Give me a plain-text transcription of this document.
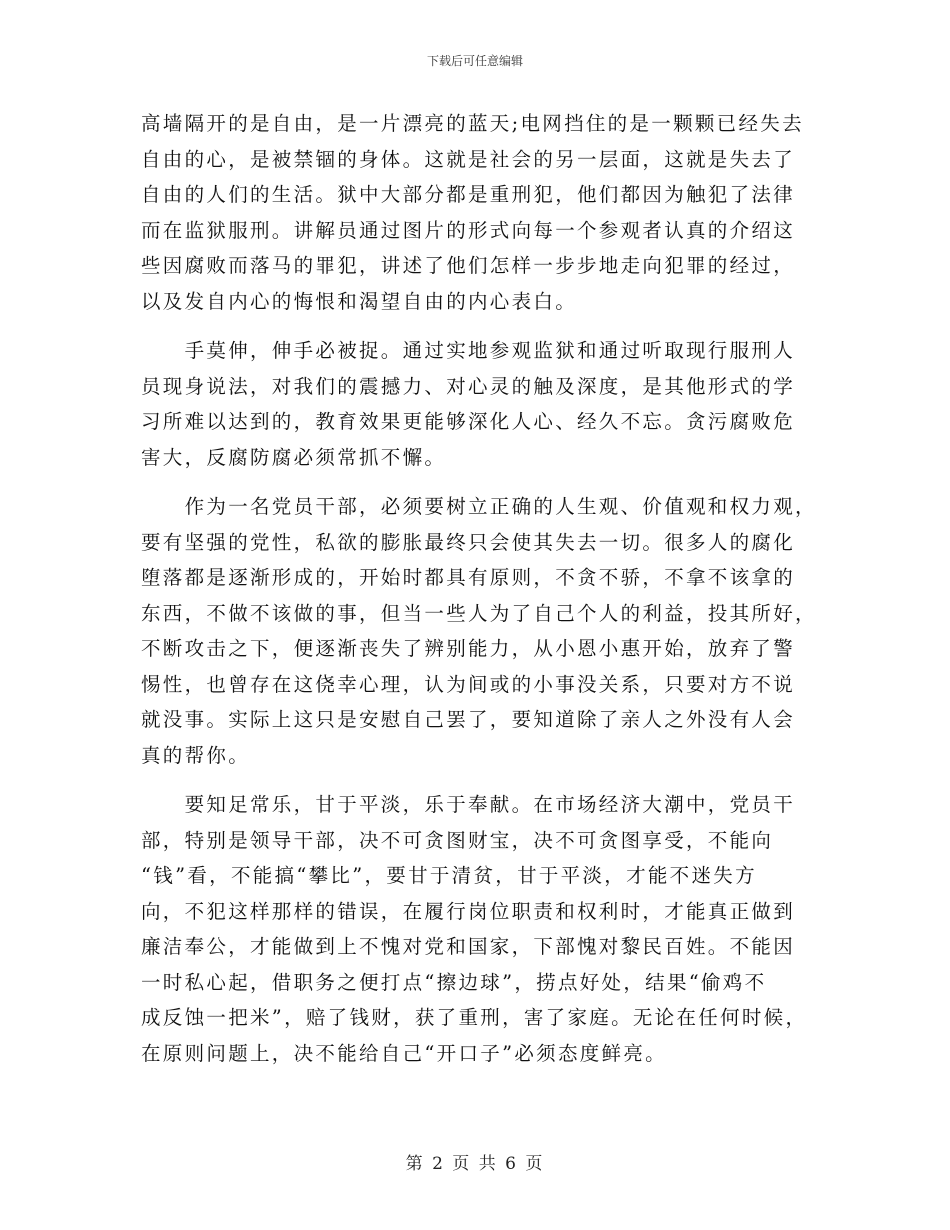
下载后可任意编辑

高墙隔开的是自由，是一片漂亮的蓝天;电网挡住的是一颗颗已经失去
自由的心，是被禁锢的身体。这就是社会的另一层面，这就是失去了
自由的人们的生活。狱中大部分都是重刑犯，他们都因为触犯了法律
而在监狱服刑。讲解员通过图片的形式向每一个参观者认真的介绍这
些因腐败而落马的罪犯，讲述了他们怎样一步步地走向犯罪的经过，
以及发自内心的悔恨和渴望自由的内心表白。

　　手莫伸，伸手必被捉。通过实地参观监狱和通过听取现行服刑人
员现身说法，对我们的震撼力、对心灵的触及深度，是其他形式的学
习所难以达到的，教育效果更能够深化人心、经久不忘。贪污腐败危
害大，反腐防腐必须常抓不懈。

　　作为一名党员干部，必须要树立正确的人生观、价值观和权力观，
要有坚强的党性，私欲的膨胀最终只会使其失去一切。很多人的腐化
堕落都是逐渐形成的，开始时都具有原则，不贪不骄，不拿不该拿的
东西，不做不该做的事，但当一些人为了自己个人的利益，投其所好，
不断攻击之下，便逐渐丧失了辨别能力，从小恩小惠开始，放弃了警
惕性，也曾存在这侥幸心理，认为间或的小事没关系，只要对方不说
就没事。实际上这只是安慰自己罢了，要知道除了亲人之外没有人会
真的帮你。

　　要知足常乐，甘于平淡，乐于奉献。在市场经济大潮中，党员干
部，特别是领导干部，决不可贪图财宝，决不可贪图享受，不能向
“钱”看，不能搞“攀比”，要甘于清贫，甘于平淡，才能不迷失方
向，不犯这样那样的错误，在履行岗位职责和权利时，才能真正做到
廉洁奉公，才能做到上不愧对党和国家，下部愧对黎民百姓。不能因
一时私心起，借职务之便打点“擦边球”，捞点好处，结果“偷鸡不
成反蚀一把米”，赔了钱财，获了重刑，害了家庭。无论在任何时候，
在原则问题上，决不能给自己“开口子”必须态度鲜亮。

第 2 页 共 6 页
